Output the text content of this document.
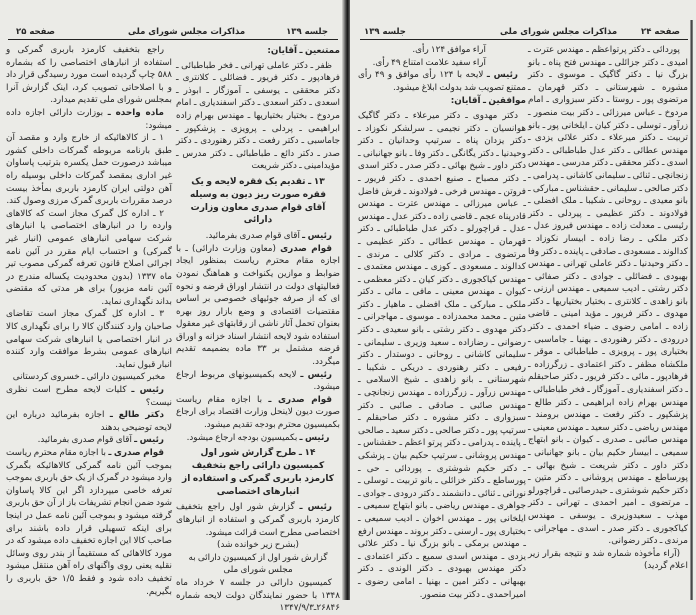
صفحه ۲۵	مذاکرات مجلس شورای ملی	جلسه ۱۳۹

ممتنعین ـ آقایان:

ظفر ـ دکتر عاملی تهرانی ـ فخر طباطبائی ـ فرهادپور ـ دکتر فریور ـ فضائلی ـ کلانتری ـ دکتر محققی ـ یوسفی ـ آموزگار ـ ابوذر ـ اسعدی ـ دکتر اسعدی ـ دکتر اسفندیاری ـ امام مردوخ ـ بختیار بختیاریها ـ مهندس بهرام زاده ابراهیمی ـ پردلی ـ پرویزی ـ پزشکپور ـ جاماسبی ـ دکتر رفعت ـ دکتر رهنوردی ـ دکتر صدر ـ دکتر دائع ـ طباطبائی ـ دکتر مدرس ـ مؤیدامینی ـ دکتر شریعت

۱۳ ـ تقدیم یک فقره لایحه و یک فقره صورت ریز دیون به وسیله آقای قوام صدری معاون وزارت دارائی

رئیس ـ آقای قوام صدری بفرمائید.

قوام صدری (معاون وزارت دارائی) ـ با اجازه مقام محترم ریاست بمنظور ایجاد ضوابط و موازین یکنواخت و هماهنگ نمودن فعالیتهای دولت در انتشار اوراق قرضه و نحوه ای که از صرفه جوئیهای خصوصی بر اساس مقتضیات اقتصادی و وضع بازار روز بهره بعنوان تحمل آثار ناشی از رقابتهای غیر معقول استفاده شود لایحه انتشار اسناد خزانه و اوراق قرضه مشتمل بر ۳۳ ماده بضمیمه تقدیم میگردد.

رئیس ـ لایحه بکمیسیونهای مربوط ارجاع میشود.

قوام صدری ـ با اجازه مقام ریاست صورت دیون لاینحل وزارت اقتصاد برای ارجاع بکمیسیون محترم بودجه تقدیم میشود.

رئیس ـ بکمیسیون بودجه ارجاع میشود.

۱۴ ـ طرح گزارش شور اول کمیسیون دارائی راجع بتخفیف کارمزد باربری گمرکی و استفاده از انبارهای اختصاصی

رئیس ـ گزارش شور اول راجع بتخفیف کارمزد باربری گمرکی و استفاده از انبارهای اختصاصی مطرح است قرائت میشود.

(بشرح زیر خوانده شد)

گزارش شور اول از کمیسیون دارائی به مجلس شورای ملی

کمیسیون دارائی در جلسه ۷ خرداد ماه ۱۳۴۸ با حضور نمایندگان دولت لایحه شماره ۲۶۸۴۶ـ۱۳۴۷/۹/۳

راجع بتخفیف کارمزد باربری گمرکی و استفاده از انبارهای اختصاصی را که بشماره ۵۸۸ چاپ گردیده است مورد رسیدگی قرار داد و با اصلاحاتی تصویب کرد، اینک گزارش آنرا بمجلس شورای ملی تقدیم میدارد.

ماده واحده ـ بوزارت دارائی اجازه داده میشود:

۱ ـ از کالاهائیکه از خارج وارد و مقصد آن طبق بارنامه مربوطه گمرکات داخلی کشور میباشد درصورت حمل یکسره بترتیب پاساوان غیر اداری بمقصد گمرکات داخلی بوسیله راه آهن دولتی ایران کارمزد باربری بمأخذ بیست درصد مقررات باربری گمرک مرزی وصول کند.

۲ ـ اداره کل گمرک مجاز است که کالاهای وارده را در انبارهای اختصاصی یا انبارهای شرکت سهامی انبارهای عمومی (انبار غیر گمرکی) و احتساب ایام مقرر در آئین نامه اجرائی اصلاح قانون تعرفه گمرکی مصوب تیر ماه ۱۳۳۷ (بدون محدودیت یکساله مندرج در آئین نامه مزبور) برای هر مدتی که مقتضی بداند نگهداری نماید.

۳ ـ اداره کل گمرک مجاز است تقاضای صاحبان وارد کنندگان کالا را برای نگهداری کالا در انبار اختصاصی یا انبارهای شرکت سهامی انبارهای عمومی بشرط موافقت وارد کننده انبار قبول نماید.

مخبر کمیسیون دارائی ـ خسروی کردستانی

رئیس ـ کلیات لایحه مطرح است نظری نیست؟

دکتر طالع ـ اجازه بفرمائید درباره این لایحه توضیحی بدهند

رئیس ـ آقای قوام صدری بفرمائید.

قوام صدری ـ با اجازه مقام محترم ریاست بموجب آئین نامه گمرکی کالاهائیکه بگمرک وارد میشود در گمرک از یک حق باربری بموجب تعرفه خاصی میپردازد اگر این کالا پاساوان شود ضمن انجام تشریفات باز از آن حق باربری گرفته میشود و بموجب آئین نامه عمل در اینجا برای اینکه تسهیلی قرار داده باشند برای صاحب کالا این اجازه تخفیف داده میشود که در مورد کالاهائی که مستقیماً از بندر روی وسائل نقلیه یعنی روی واگنهای راه آهن منتقل میشود تخفیف داده شود و فقط ۱/۵ حق باربری را بگیریم.

جلسه ۱۳۹	مذاکرات مجلس شورای ملی	صفحه ۲۴

پوردائی ـ دکتر پرتواعظم ـ مهندس عترت ـ امیدی ـ دکتر جزائلی ـ مهندس فتح پناه ـ بانو بزرگ نیا ـ دکتر گاگیک ـ موسوی ـ دکتر مشوره ـ شهرستانی ـ دکتر قهرمان ـ مرتضوی پور ـ روستا ـ دکتر سبزواری ـ امام مردوخ ـ عباس میرزائی ـ دکتر بیت منصور ـ زرآور ـ توسلی ـ دکتر کیان ـ ایلخانی پور ـ بانو تربیت ـ دکتر میرعلاء ـ دکتر علائی یزدی ـ مهندس عطائی ـ دکتر عدل طباطبائی ـ دکتر اسدی ـ دکتر محققی ـ دکتر مدرسی ـ مهندس زنجانچی ـ ثنائی ـ سلیمانی کاشانی ـ پدرامی ـ دکتر صالحی ـ سلیمانی ـ حقشناس ـ مبارکی ـ بانو معیدی ـ روحانی ـ شکیبا ـ ملک افضلی ـ فولادوند ـ دکتر عظیمی ـ پیردلی ـ دکتر رئیسی ـ معدلت زاده ـ مهندس فیروز عدل ـ دکتر ملکی ـ رضا زاده ـ ابیسار نکوزاد ـ کدالوند ـ مسعودی ـ صادقی ـ پاینده ـ دکتر وفا ـ دکتر وحیدنیا ـ دکتر عاملی تهرانی ـ مهندس بهبودی ـ فضائلی ـ جوادی ـ دکتر صفائی ـ دکتر رشتی ـ ادیب سمیعی ـ مهندس ارزنی ـ بانو زاهدی ـ کلانتری ـ بختیار بختیاریها ـ دکتر مهدوی ـ دکتر فریور ـ مؤید امینی ـ قاضی زاده ـ امامی رضوی ـ ضیاء احمدی ـ دکتر دررودی ـ دکتر رهنوردی ـ بهنیا ـ جاماسبی ـ بختیاری پور ـ پرویزی ـ طباطبائی ـ موقر ـ ملکشاه مظفر ـ دکتر اعتمادی ـ زرگرزاده ـ فرهادپور ـ مائی ـ دکتر فریور ـ دکتر صاحبقلم ـ دکتر اسفندیاری ـ آموزگار ـ فخر طباطبائی ـ مهندس بهرام زاده ابراهیمی ـ دکتر طالع ـ پزشکپور ـ دکتر رفعت ـ مهندس برومند ـ مهندس ریاضی ـ دکتر سعید ـ مهندس معینی ـ مهندس صائبی ـ صدری ـ کیوان ـ بانو ابتهاج سمیعی ـ ابیسار حکیم بیان ـ بانو جهانبانی ـ دکتر داور ـ دکتر شریعت ـ شیخ بهائی ـ پورساطع ـ مهندس پروشانی ـ دکتر متین ـ دکتر حکیم شوشتری ـ حیدرصائبی ـ قراچورلو ـ مرتضوی ـ امیر احمدی ـ تهرانی ـ دکتر مهذب ـ سعیدوزیری ـ یوسفی ـ مهندس کیاکجوری ـ دکتر صدر ـ اسدی ـ مهاجرانی ـ مرندی ـ دکتر رضوانی.

(آراء مأخوذه شماره شد و نتیجه بقرار زیر اعلام گردید)

آراء موافق ۱۲۴ رأی.

آراء سفید علامت امتناع ۴۹ رأی.

رئیس ـ لایحه با ۱۲۴ رأی موافق و ۴۹ رأی ممتنع تصویب شد بدولت ابلاغ میشود.

موافقین ـ آقایان:

دکتر مهدوی ـ دکتر میرعلاء ـ دکتر گاگیک هوانسیان ـ دکتر نجیمی ـ سرلشکر نکوزاد ـ دکتر یزدان پناه ـ سرتیپ وحدانیان ـ دکتر وحیدنیا ـ دکتر یگانگی ـ دکتر وفا ـ بانو جهانبانی ـ دکتر داور ـ شیخ بهائی ـ دکتر صدر ـ دکتر اسدی ـ دکتر مصباح ـ صنیع احمدی ـ دکتر فریور ـ فروتن ـ مهندس فرخی ـ فولادوند ـ فرش فاضل ـ عباس میرزائی ـ مهندس عترت ـ مهندس قادرپناه عجم ـ قاضی زاده ـ دکتر عدل ـ مهندس عدل ـ قراچورلو ـ دکتر عدل طباطبائی ـ دکتر قهرمان ـ مهندس عطائی ـ دکتر عظیمی ـ مرتضوی ـ مرادی ـ دکتر کلالی ـ مرندی ـ کدالوند ـ مسعودی ـ کوزی ـ مهندس معتمدی ـ مهندس کیاکجوری ـ دکتر کیان ـ دکتر معظمی ـ کیوان ـ مهندس معینی ـ مافی ـ مائی ـ دکتر ملکی ـ مبارکی ـ ملک افضلی ـ ماهیار ـ دکتر متین ـ محمد محمدزاده ـ موسوی ـ مهاجرانی ـ دکتر مهدوی ـ دکتر رشتی ـ بانو سعیدی ـ دکتر رضوانی ـ رضازاده ـ سعید وزیری ـ سلیمانی ـ سلیمانی کاشانی ـ روحانی ـ دوستدار ـ دکتر رفیعی ـ دکتر رهنوردی ـ دریکی ـ شکیبا ـ شهرستانی ـ بانو زاهدی ـ شیخ الاسلامی ـ مهندس زرآور ـ زرگرزاده ـ مهندس زنجانچی ـ مهندس صائبی ـ صادقی ـ صائبی ـ دکتر سبزواری ـ دکتر مشوره ـ دکتر صاحبقلم ـ سرتیپ پور ـ دکتر صالحی ـ دکتر سعید ـ صالحی ـ پاینده ـ پدرامی ـ دکتر پرتو اعظم ـ حقشناس ـ مهندس پروشانی ـ سرتیپ حکیم بیان ـ پزشکی ـ دکتر حکیم شوشتری ـ پوردائی ـ حی ـ پورساطع ـ دکتر خزائلی ـ بانو تربیت ـ توسلی ـ نوراتی ـ ثنائی ـ دانشمند ـ دکتر درودی ـ جوادی ـ جواهری ـ مهندس ریاضی ـ بانو ابتهاج سمیعی ـ ایلخانی پور ـ مهندس اخوان ـ ادیب سمیعی ـ بختیاری پور ـ ارسنی ـ دکتر بروند ـ مهندس ارفع ـ مهندس برمکی ـ بانو بزرگ نیا ـ دکتر علائی یزدی ـ مهندس اسدی سمیع ـ دکتر اعتمادی ـ دکتر مهندس بهبودی ـ دکتر الوندی ـ دکتر بهبهانی ـ دکتر امین ـ بهنیا ـ امامی رضوی ـ امیراحمدی ـ دکتر بیت منصور.
